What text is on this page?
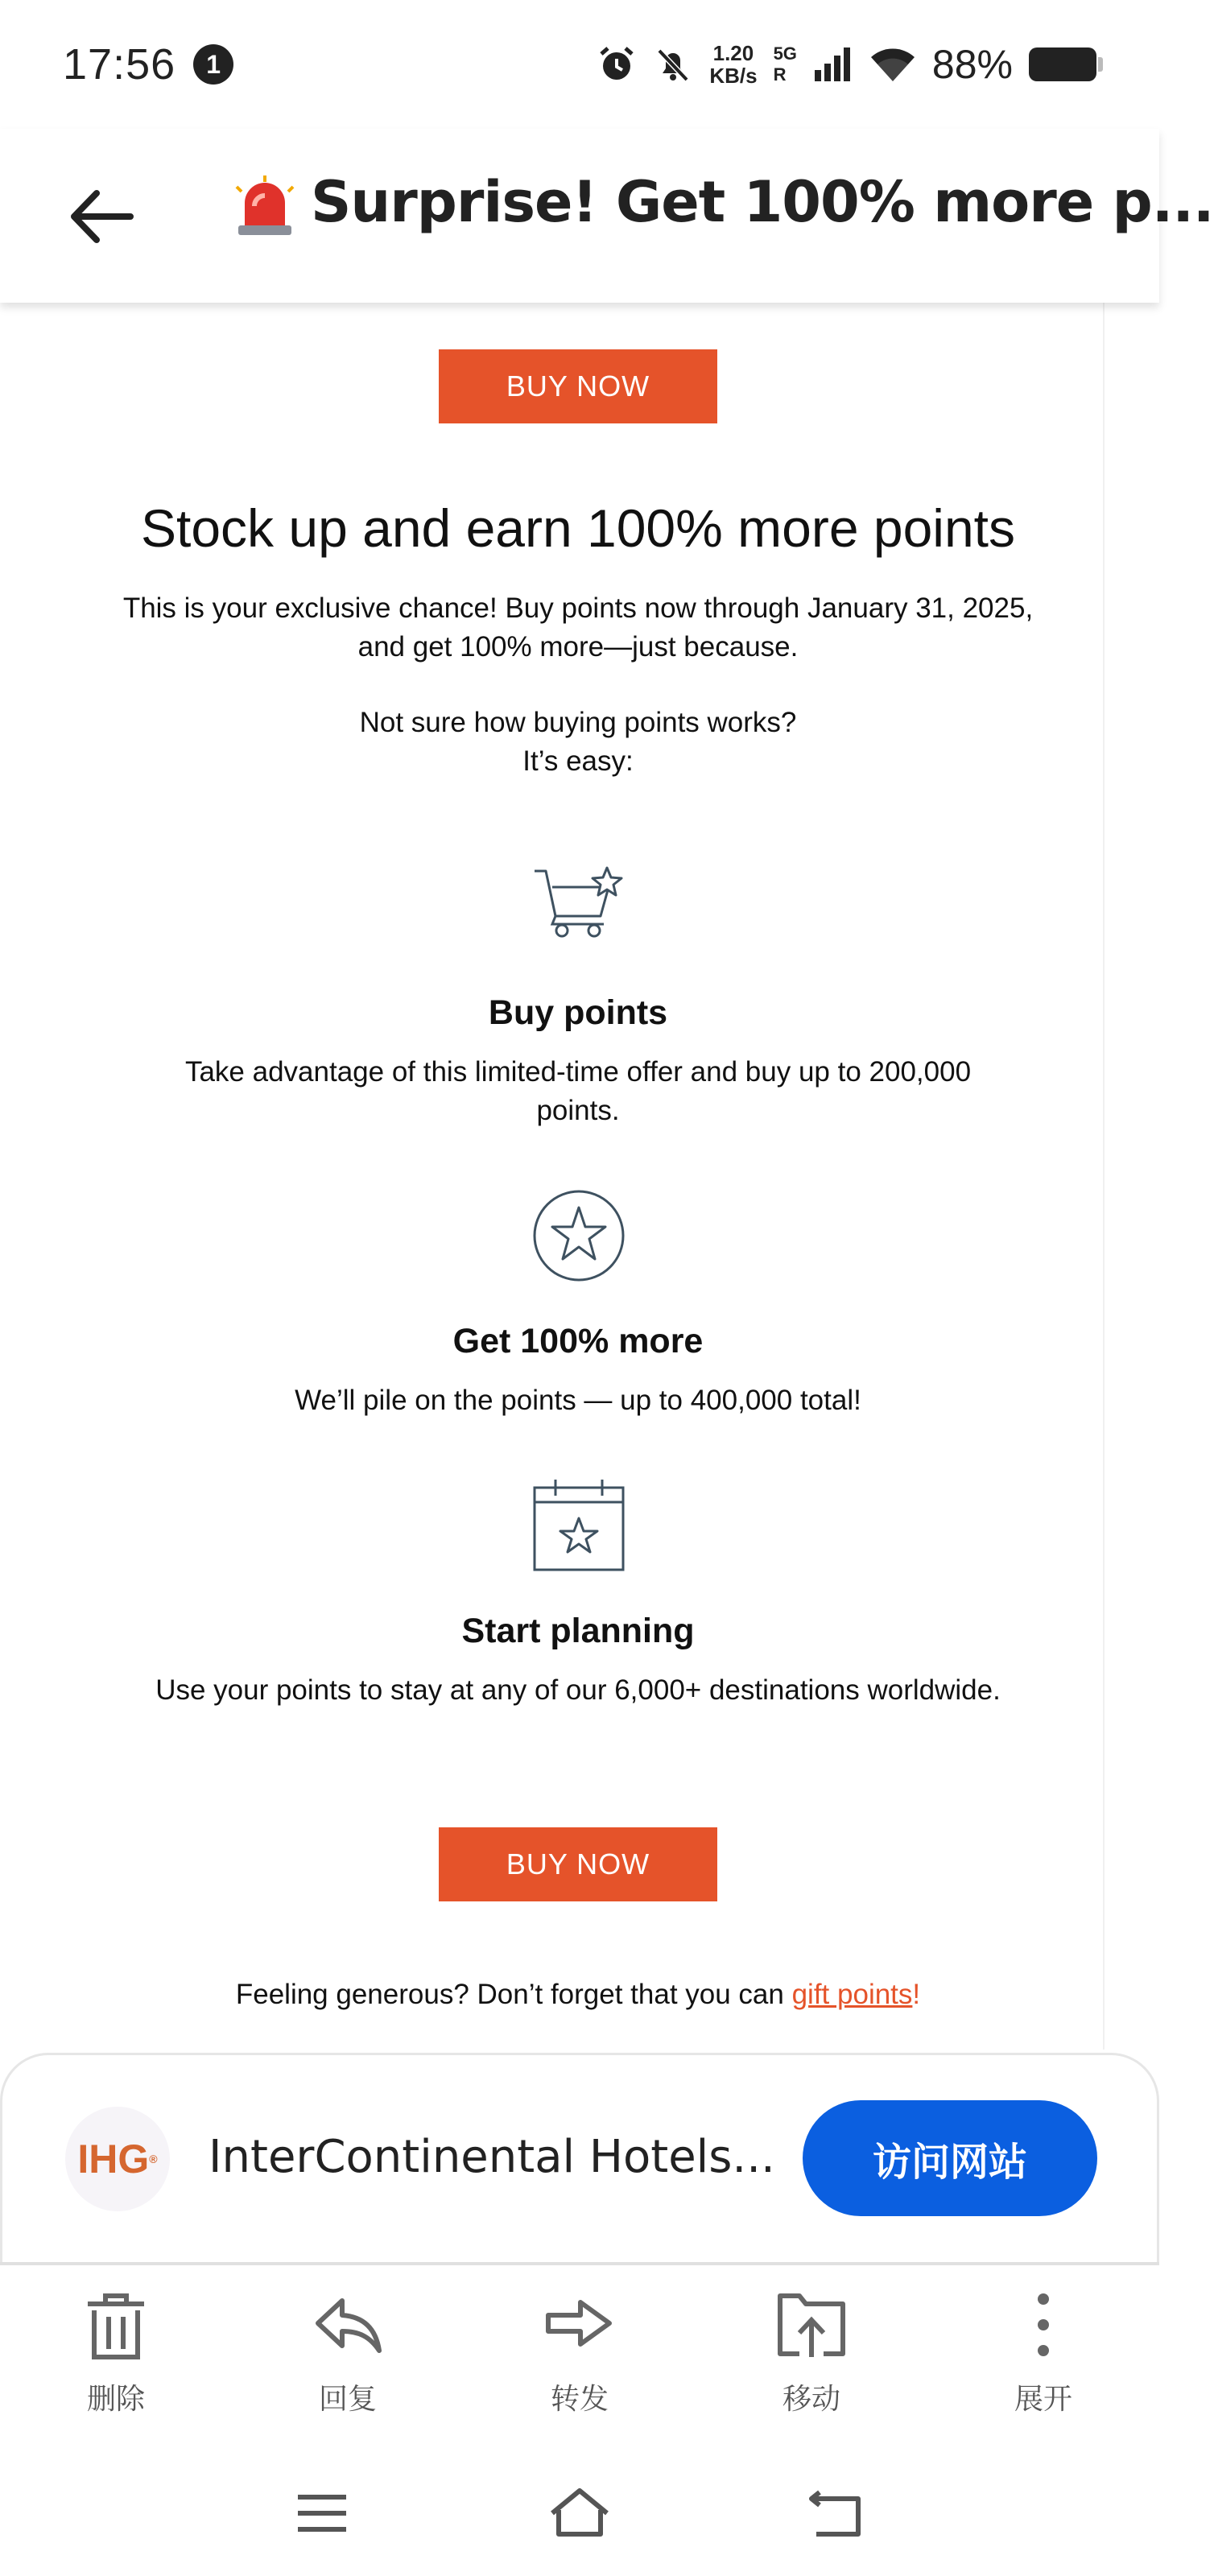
17:56	1	1.20
KB/s
5G
R	88%
Surprise! Get 100% more p...
BUY NOW
Stock up and earn 100% more points
This is your exclusive chance! Buy points now through January 31, 2025, and get 100% more—just because.
Not sure how buying points works?
It’s easy:
Buy points
Take advantage of this limited-time offer and buy up to 200,000 points.
Get 100% more
We’ll pile on the points — up to 400,000 total!
Start planning
Use your points to stay at any of our 6,000+ destinations worldwide.
BUY NOW
Feeling generous? Don’t forget that you can gift points!
IHG ® InterContinental Hotels...	访问网站
删除	回复	转发	移动	展开
